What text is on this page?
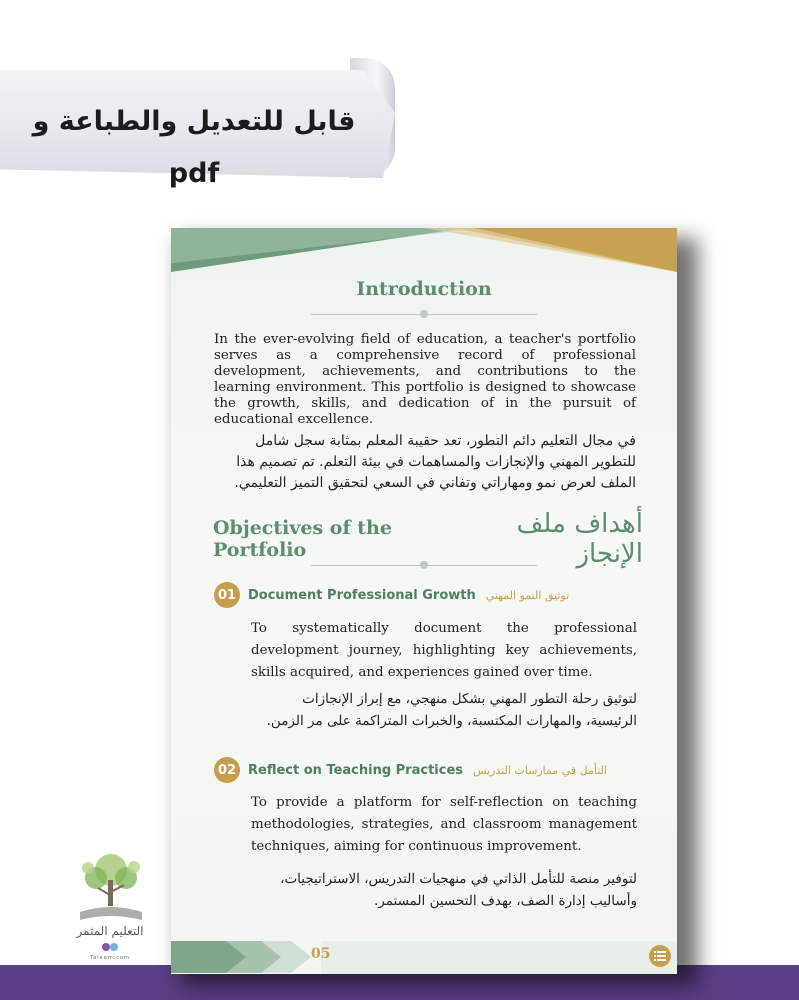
قابل للتعديل والطباعة و pdf
Introduction
In the ever-evolving field of education, a teacher's portfolio serves as a comprehensive record of professional development, achievements, and contributions to the learning environment. This portfolio is designed to showcase the growth, skills, and dedication of in the pursuit of educational excellence.
في مجال التعليم دائم التطور، تعد حقيبة المعلم بمثابة سجل شامل للتطوير المهني والإنجازات والمساهمات في بيئة التعلم. تم تصميم هذا الملف لعرض نمو ومهاراتي وتفاني في السعي لتحقيق التميز التعليمي.
Objectives of the Portfolio
أهداف ملف الإنجاز
01 Document Professional Growth توثيق النمو المهني
To systematically document the professional development journey, highlighting key achievements, skills acquired, and experiences gained over time.
لتوثيق رحلة التطور المهني بشكل منهجي، مع إبراز الإنجازات الرئيسية، والمهارات المكتسبة، والخبرات المتراكمة على مر الزمن.
02 Reflect on Teaching Practices التأمل في ممارسات التدريس
To provide a platform for self-reflection on teaching methodologies, strategies, and classroom management techniques, aiming for continuous improvement.
لتوفير منصة للتأمل الذاتي في منهجيات التدريس، الاستراتيجيات، وأساليب إدارة الصف، بهدف التحسين المستمر.
05
التعليم المثمر
Taleem.com
